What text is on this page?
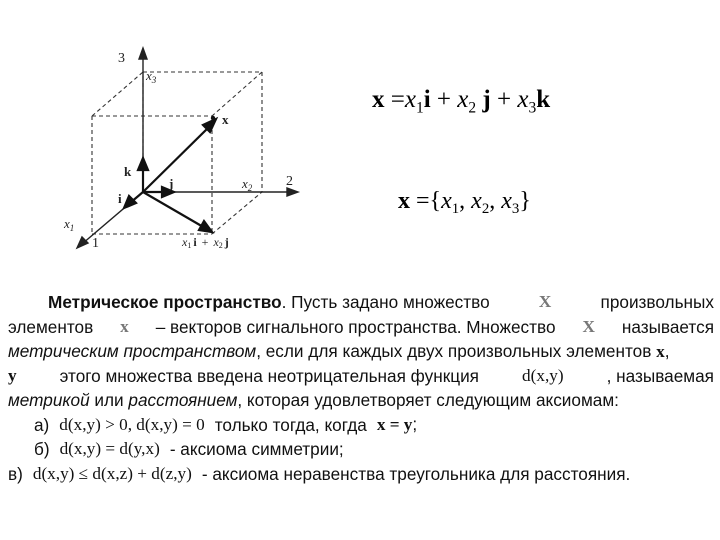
3
2
1
$x_3$
$x_2$
$x_1$
k
j
i
x
x1 i + x2 j
$x =x_1i + x_2$ $j + x_3k$
$x =\{x_1$, $x_2$, $x_3$}
Метрическое пространство. Пусть задано множество	X	произвольных
элементов x – векторов сигнального пространства. Множество X называется
метрическим пространством, если для каждых двух произвольных элементов x,
y	этого множества введена неотрицательная функция	d(x,y)	, называемая
метрикой или расстоянием, которая удовлетворяет следующим аксиомам:
а) d(x,y) > 0, d(x,y) = 0 только тогда, когда x = y;
б) d(x,y) = d(y,x) - аксиома симметрии;
в) d(x,y) ≤ d(x,z) + d(z,y) - аксиома неравенства треугольника для расстояния.
